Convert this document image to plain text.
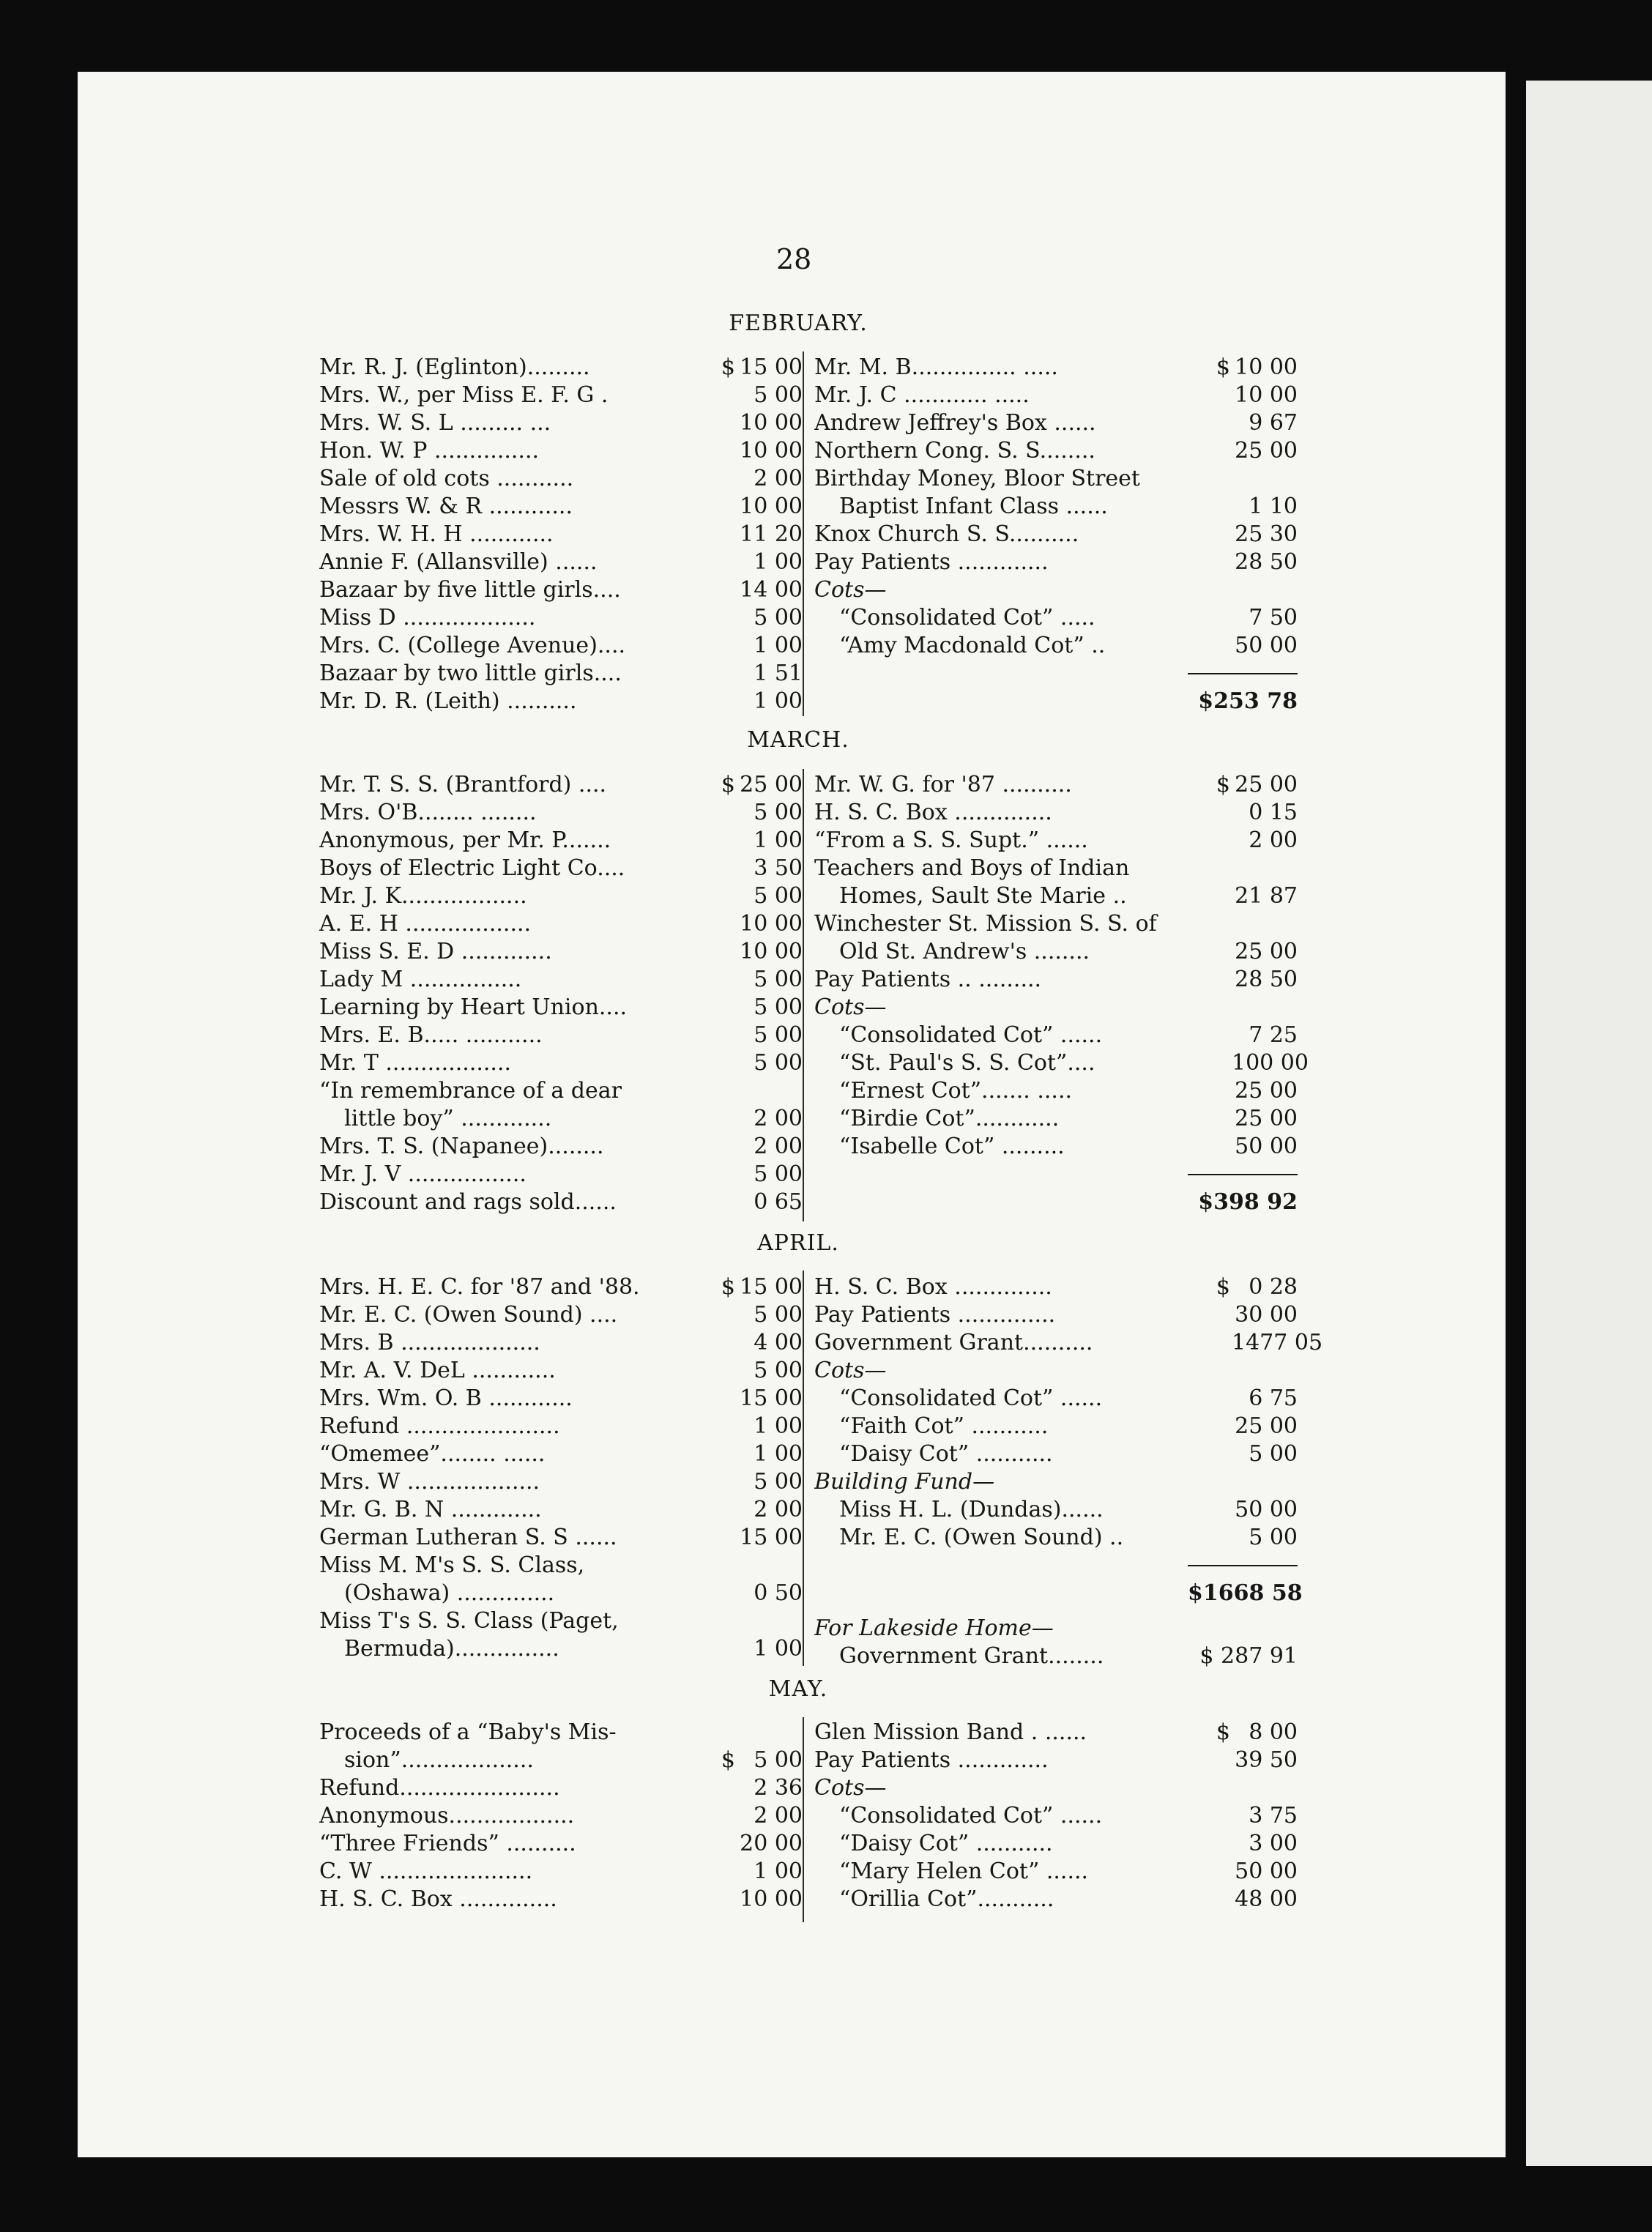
28
FEBRUARY.
MARCH.
APRIL.
MAY.
Mr. R. J. (Eglinton).........	$ 15 00
Mrs. W., per Miss E. F. G .	5 00
Mrs. W. S. L ......... ...	10 00
Hon. W. P ...............	10 00
Sale of old cots ...........	2 00
Messrs W. & R ............	10 00
Mrs. W. H. H ............	11 20
Annie F. (Allansville) ......	1 00
Bazaar by five little girls....	14 00
Miss D ...................	5 00
Mrs. C. (College Avenue)....	1 00
Bazaar by two little girls....	1 51
Mr. D. R. (Leith) ..........	1 00
Mr. M. B............... .....	$ 10 00
Mr. J. C ............ .....	10 00
Andrew Jeffrey's Box ......	9 67
Northern Cong. S. S........	25 00
Birthday Money, Bloor Street
Baptist Infant Class ......	1 10
Knox Church S. S..........	25 30
Pay Patients .............	28 50
Cots—
“Consolidated Cot” .....	7 50
“Amy Macdonald Cot” ..	50 00
$253 78
Mr. T. S. S. (Brantford) ....	$ 25 00
Mrs. O'B........ ........	5 00
Anonymous, per Mr. P.......	1 00
Boys of Electric Light Co....	3 50
Mr. J. K..................	5 00
A. E. H ..................	10 00
Miss S. E. D .............	10 00
Lady M ................	5 00
Learning by Heart Union....	5 00
Mrs. E. B..... ...........	5 00
Mr. T ..................	5 00
“In remembrance of a dear
little boy” .............	2 00
Mrs. T. S. (Napanee)........	2 00
Mr. J. V .................	5 00
Discount and rags sold......	0 65
Mr. W. G. for '87 ..........	$ 25 00
H. S. C. Box ..............	0 15
“From a S. S. Supt.” ......	2 00
Teachers and Boys of Indian
Homes, Sault Ste Marie ..	21 87
Winchester St. Mission S. S. of
Old St. Andrew's ........	25 00
Pay Patients .. .........	28 50
Cots—
“Consolidated Cot” ......	7 25
“St. Paul's S. S. Cot”....	100 00
“Ernest Cot”....... .....	25 00
“Birdie Cot”............	25 00
“Isabelle Cot” .........	50 00
$398 92
Mrs. H. E. C. for '87 and '88.	$ 15 00
Mr. E. C. (Owen Sound) ....	5 00
Mrs. B ....................	4 00
Mr. A. V. DeL ............	5 00
Mrs. Wm. O. B ............	15 00
Refund ......................	1 00
“Omemee”........ ......	1 00
Mrs. W ...................	5 00
Mr. G. B. N .............	2 00
German Lutheran S. S ......	15 00
Miss M. M's S. S. Class,
(Oshawa) ..............	0 50
Miss T's S. S. Class (Paget,
Bermuda)...............	1 00
H. S. C. Box ..............	$ 0 28
Pay Patients ..............	30 00
Government Grant..........	1477 05
Cots—
“Consolidated Cot” ......	6 75
“Faith Cot” ...........	25 00
“Daisy Cot” ...........	5 00
Building Fund—
Miss H. L. (Dundas)......	50 00
Mr. E. C. (Owen Sound) ..	5 00
$1668 58
Proceeds of a “Baby's Mis-
sion”...................	$ 5 00
Refund.......................	2 36
Anonymous..................	2 00
“Three Friends” ..........	20 00
C. W ......................	1 00
H. S. C. Box ..............	10 00
Glen Mission Band . ......	$ 8 00
Pay Patients .............	39 50
Cots—
“Consolidated Cot” ......	3 75
“Daisy Cot” ...........	3 00
“Mary Helen Cot” ......	50 00
“Orillia Cot”...........	48 00
For Lakeside Home—
Government Grant........	$ 287 91
